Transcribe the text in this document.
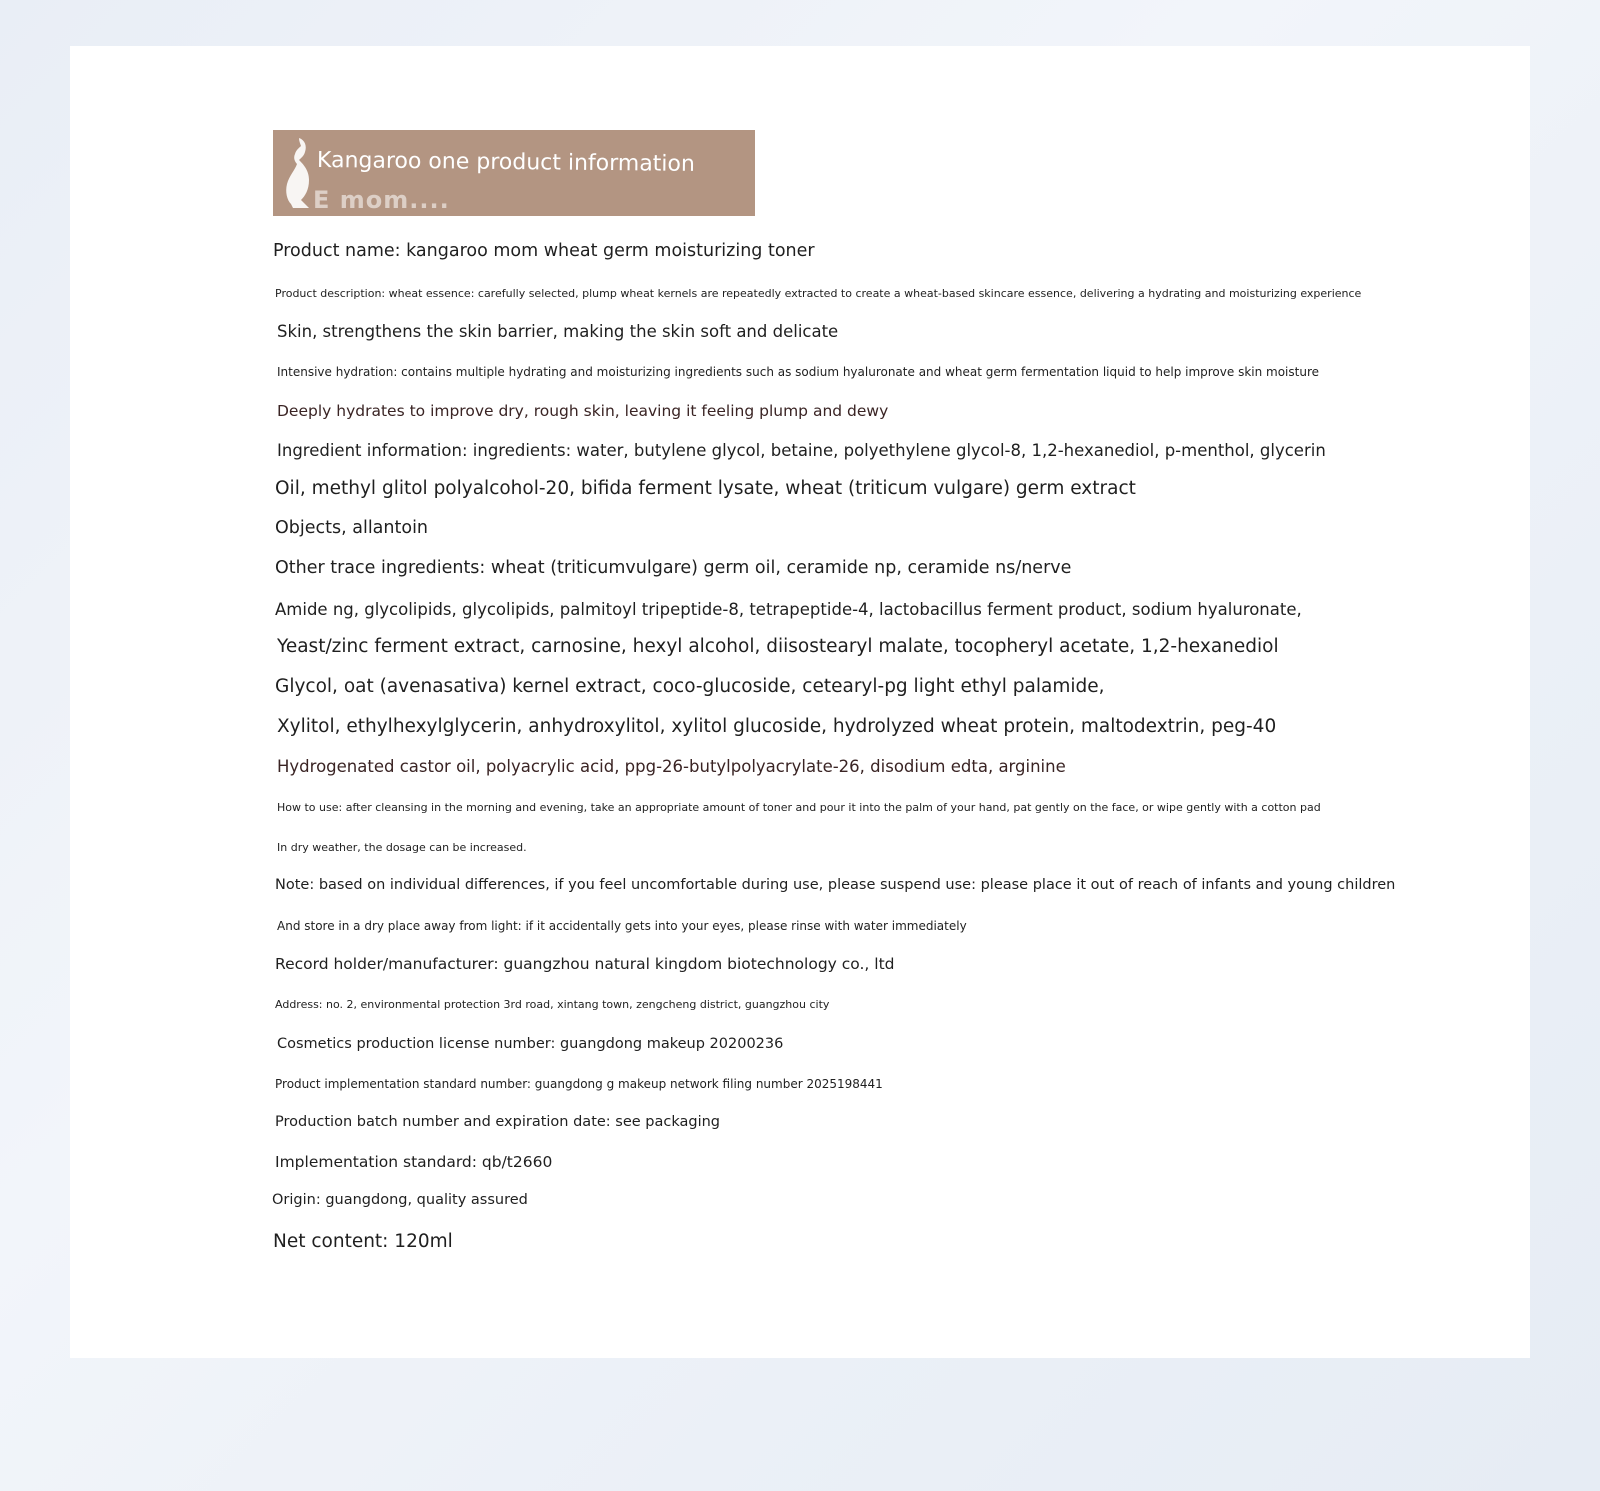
E mom....
Kangaroo one product information
Product name: kangaroo mom wheat germ moisturizing toner
Product description: wheat essence: carefully selected, plump wheat kernels are repeatedly extracted to create a wheat-based skincare essence, delivering a hydrating and moisturizing experience
Skin, strengthens the skin barrier, making the skin soft and delicate
Intensive hydration: contains multiple hydrating and moisturizing ingredients such as sodium hyaluronate and wheat germ fermentation liquid to help improve skin moisture
Deeply hydrates to improve dry, rough skin, leaving it feeling plump and dewy
Ingredient information: ingredients: water, butylene glycol, betaine, polyethylene glycol-8, 1,2-hexanediol, p-menthol, glycerin
Oil, methyl glitol polyalcohol-20, bifida ferment lysate, wheat (triticum vulgare) germ extract
Objects, allantoin
Other trace ingredients: wheat (triticumvulgare) germ oil, ceramide np, ceramide ns/nerve
Amide ng, glycolipids, glycolipids, palmitoyl tripeptide-8, tetrapeptide-4, lactobacillus ferment product, sodium hyaluronate,
Yeast/zinc ferment extract, carnosine, hexyl alcohol, diisostearyl malate, tocopheryl acetate, 1,2-hexanediol
Glycol, oat (avenasativa) kernel extract, coco-glucoside, cetearyl-pg light ethyl palamide,
Xylitol, ethylhexylglycerin, anhydroxylitol, xylitol glucoside, hydrolyzed wheat protein, maltodextrin, peg-40
Hydrogenated castor oil, polyacrylic acid, ppg-26-butylpolyacrylate-26, disodium edta, arginine
How to use: after cleansing in the morning and evening, take an appropriate amount of toner and pour it into the palm of your hand, pat gently on the face, or wipe gently with a cotton pad
In dry weather, the dosage can be increased.
Note: based on individual differences, if you feel uncomfortable during use, please suspend use: please place it out of reach of infants and young children
And store in a dry place away from light: if it accidentally gets into your eyes, please rinse with water immediately
Record holder/manufacturer: guangzhou natural kingdom biotechnology co., ltd
Address: no. 2, environmental protection 3rd road, xintang town, zengcheng district, guangzhou city
Cosmetics production license number: guangdong makeup 20200236
Product implementation standard number: guangdong g makeup network filing number 2025198441
Production batch number and expiration date: see packaging
Implementation standard: qb/t2660
Origin: guangdong, quality assured
Net content: 120ml
